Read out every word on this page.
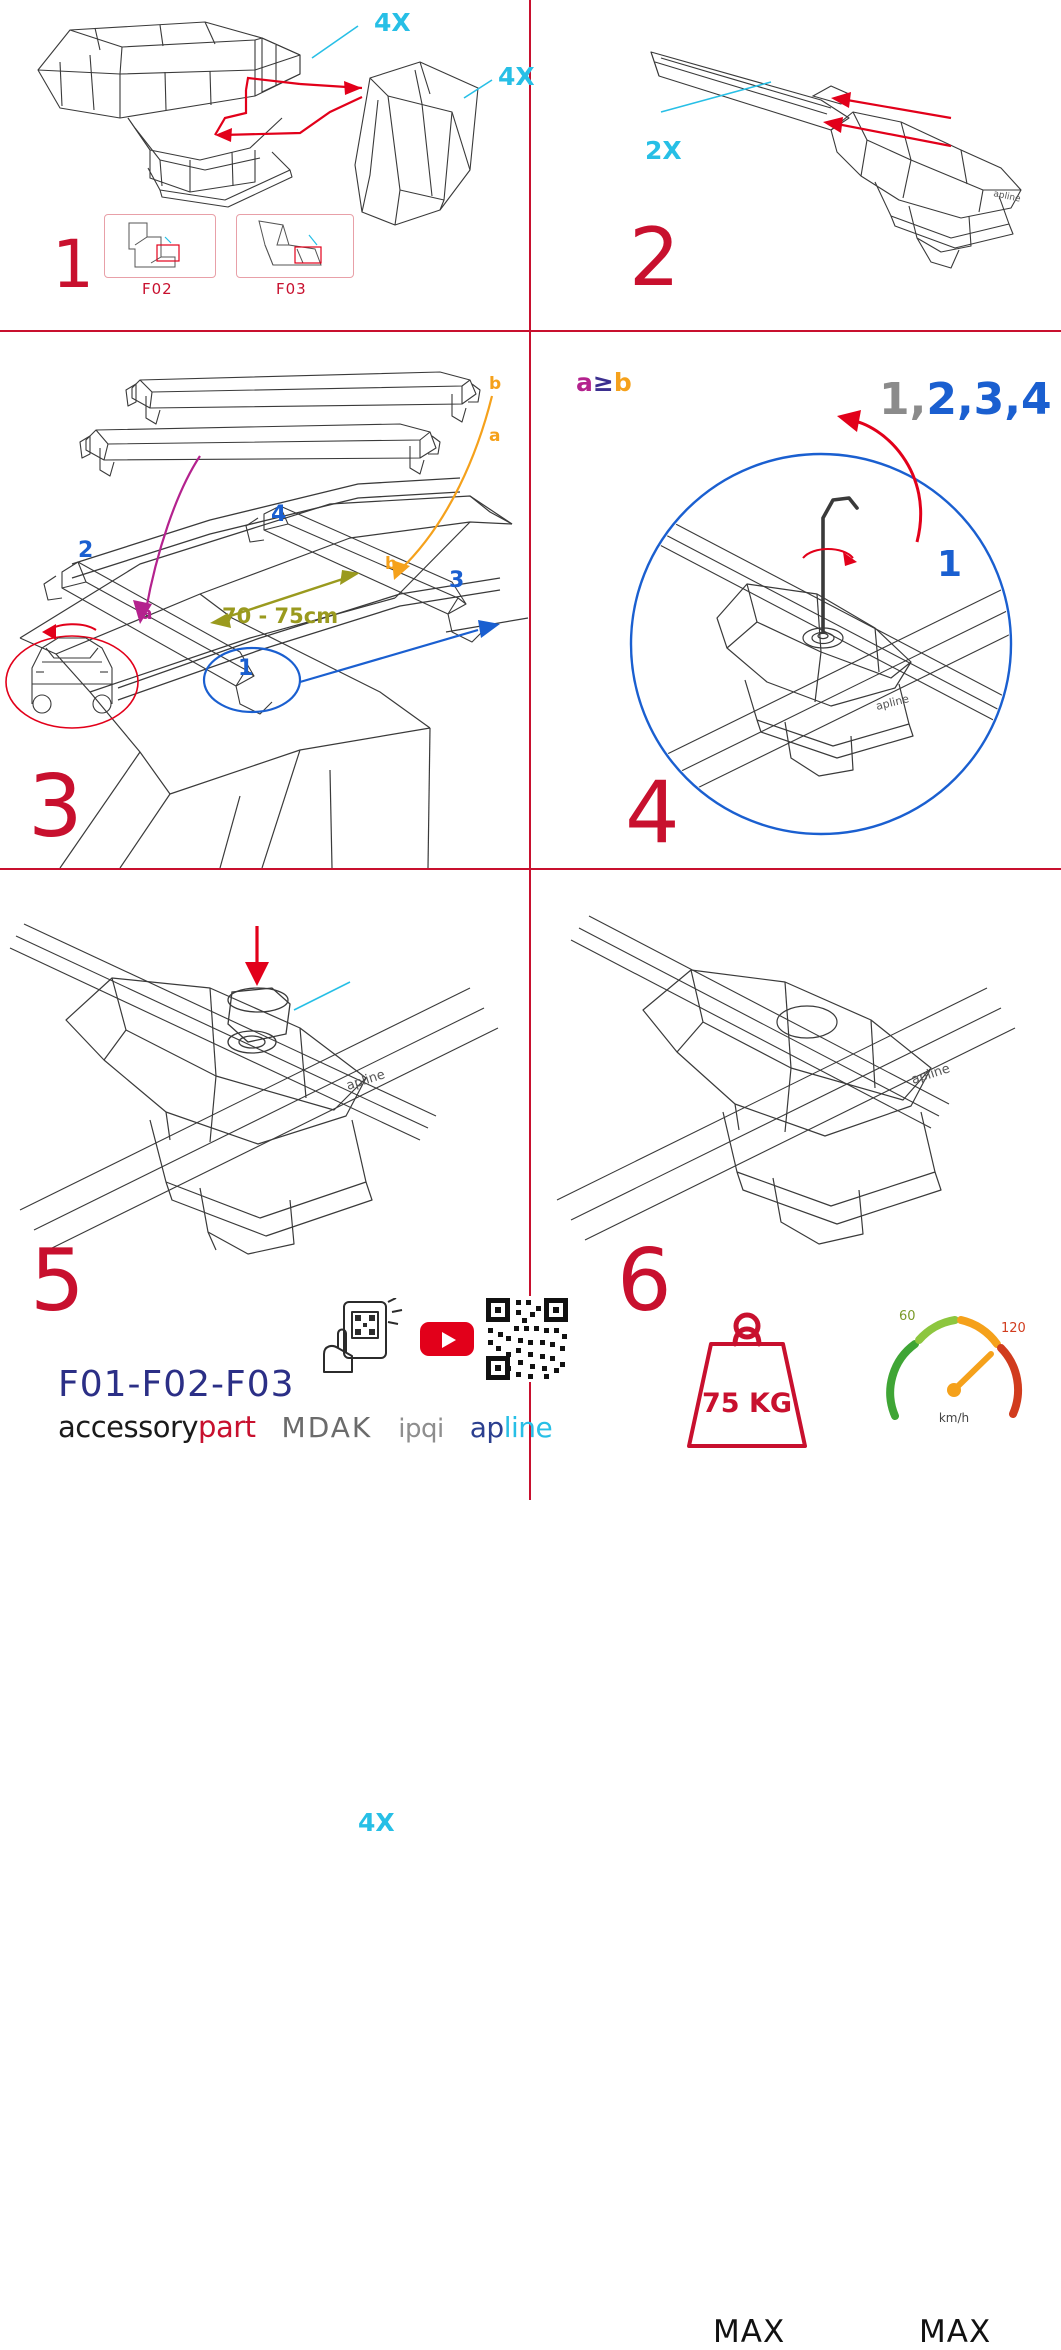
4X
4X
F02	F03
1
apline
2X
2
a
b
a
b
70 - 75cm
1
2
3
4
3
a≥b
apline
1,2,3,4
1
4
apline
4X
5
F01-F02-F03
accessorypart MDAK ipqi apline
apline
6
75 KG
MAX
60
120
km/h
MAX
